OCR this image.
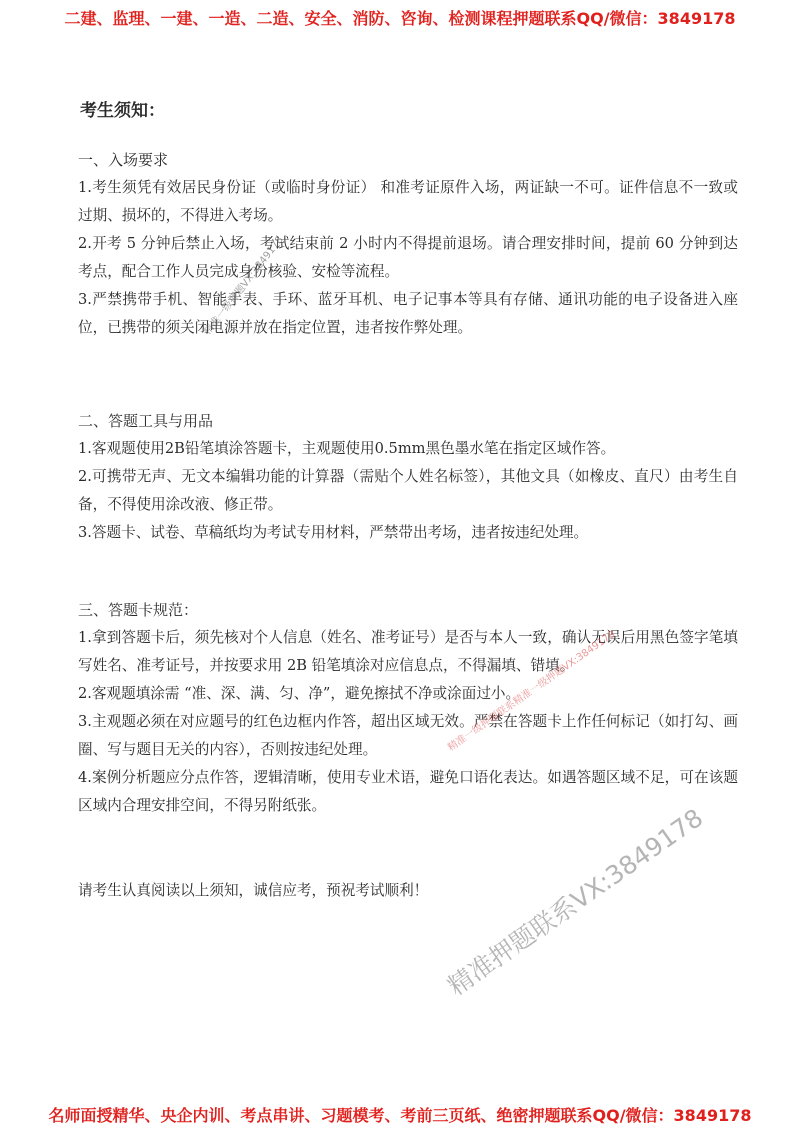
二建、监理、一建、一造、二造、安全、消防、咨询、检测课程押题联系QQ/微信：3849178
考生须知：
一、入场要求

1.考生须凭有效居民身份证（或临时身份证） 和准考证原件入场，两证缺一不可。证件信息不一致或过期、损坏的，不得进入考场。

2.开考 5 分钟后禁止入场，考试结束前 2 小时内不得提前退场。请合理安排时间，提前 60 分钟到达考点，配合工作人员完成身份核验、安检等流程。

3.严禁携带手机、智能手表、手环、蓝牙耳机、电子记事本等具有存储、通讯功能的电子设备进入座位，已携带的须关闭电源并放在指定位置，违者按作弊处理。

二、答题工具与用品

1.客观题使用2B铅笔填涂答题卡，主观题使用0.5mm黑色墨水笔在指定区域作答。

2.可携带无声、无文本编辑功能的计算器（需贴个人姓名标签），其他文具（如橡皮、直尺）由考生自备，不得使用涂改液、修正带。

3.答题卡、试卷、草稿纸均为考试专用材料，严禁带出考场，违者按违纪处理。

三、答题卡规范：

1.拿到答题卡后，须先核对个人信息（姓名、准考证号）是否与本人一致，确认无误后用黑色签字笔填写姓名、准考证号，并按要求用 2B 铅笔填涂对应信息点，不得漏填、错填。

2.客观题填涂需 “准、深、满、匀、净”，避免擦拭不净或涂面过小。

3.主观题必须在对应题号的红色边框内作答，超出区域无效。严禁在答题卡上作任何标记（如打勾、画圈、写与题目无关的内容），否则按违纪处理。

4.案例分析题应分点作答，逻辑清晰，使用专业术语，避免口语化表达。如遇答题区域不足，可在该题区域内合理安排空间，不得另附纸张。

请考生认真阅读以上须知，诚信应考，预祝考试顺利！ 精准押题联系VX:3849178
精准一级押题VX:3849178
精准一级押题联系精准一级押题VX:3849178
名师面授精华、央企内训、考点串讲、习题模考、考前三页纸、绝密押题联系QQ/微信：3849178
